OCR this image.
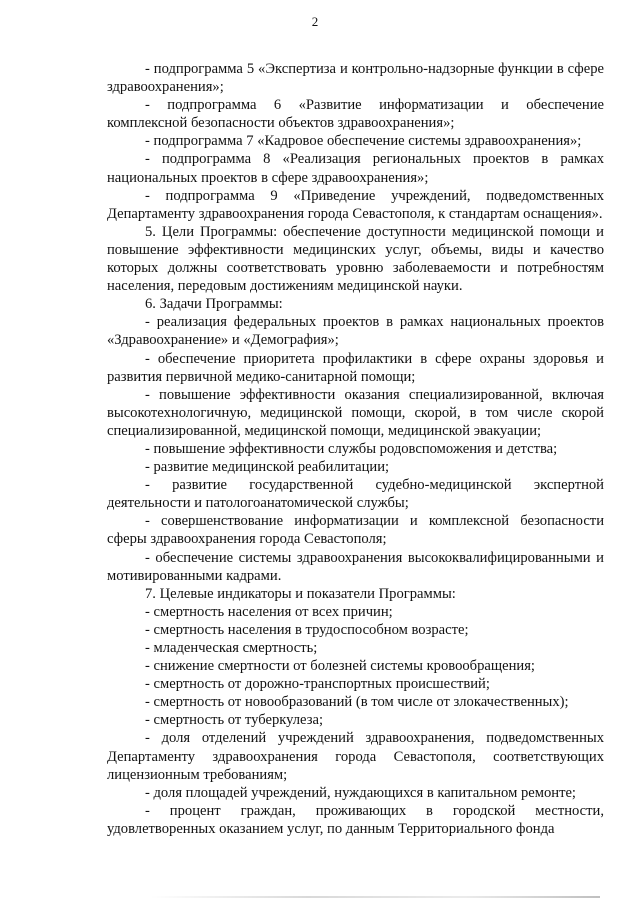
2

- подпрограмма 5 «Экспертиза и контрольно-надзорные функции в сфере здравоохранения»;

- подпрограмма 6 «Развитие информатизации и обеспечение комплексной безопасности объектов здравоохранения»;

- подпрограмма 7 «Кадровое обеспечение системы здравоохранения»;

- подпрограмма 8 «Реализация региональных проектов в рамках национальных проектов в сфере здравоохранения»;

- подпрограмма 9 «Приведение учреждений, подведомственных Департаменту здравоохранения города Севастополя, к стандартам оснащения».

5. Цели Программы: обеспечение доступности медицинской помощи и повышение эффективности медицинских услуг, объемы, виды и качество которых должны соответствовать уровню заболеваемости и потребностям населения, передовым достижениям медицинской науки.

6. Задачи Программы:

- реализация федеральных проектов в рамках национальных проектов «Здравоохранение» и «Демография»;

- обеспечение приоритета профилактики в сфере охраны здоровья и развития первичной медико-санитарной помощи;

- повышение эффективности оказания специализированной, включая высокотехнологичную, медицинской помощи, скорой, в том числе скорой специализированной, медицинской помощи, медицинской эвакуации;

- повышение эффективности службы родовспоможения и детства;

- развитие медицинской реабилитации;

- развитие государственной судебно-медицинской экспертной деятельности и патологоанатомической службы;

- совершенствование информатизации и комплексной безопасности сферы здравоохранения города Севастополя;

- обеспечение системы здравоохранения высококвалифицированными и мотивированными кадрами.

7. Целевые индикаторы и показатели Программы:

- смертность населения от всех причин;

- смертность населения в трудоспособном возрасте;

- младенческая смертность;

- снижение смертности от болезней системы кровообращения;

- смертность от дорожно-транспортных происшествий;

- смертность от новообразований (в том числе от злокачественных);

- смертность от туберкулеза;

- доля отделений учреждений здравоохранения, подведомственных Департаменту здравоохранения города Севастополя, соответствующих лицензионным требованиям;

- доля площадей учреждений, нуждающихся в капитальном ремонте;

- процент граждан, проживающих в городской местности, удовлетворенных оказанием услуг, по данным Территориального фонда
